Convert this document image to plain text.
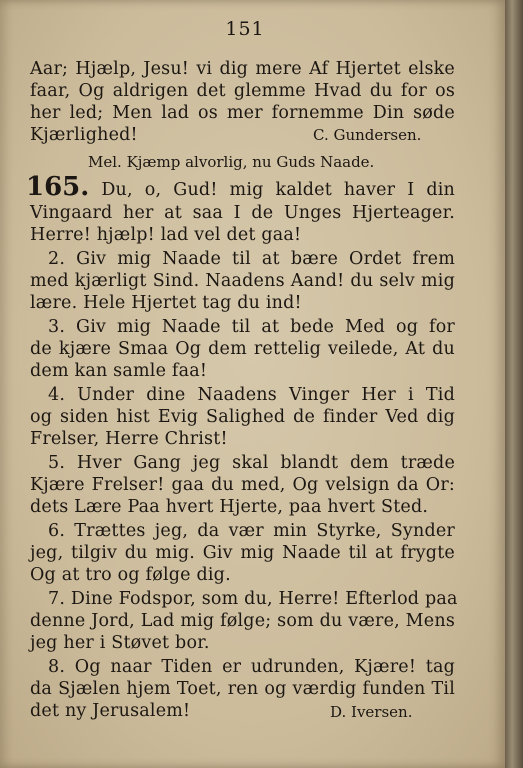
151
Aar; Hjælp, Jesu! vi dig mere Af Hjertet elske
faar, Og aldrigen det glemme Hvad du for os
her led; Men lad os mer fornemme Din søde
Kjærlighed!	C. Gundersen.
Mel. Kjæmp alvorlig, nu Guds Naade.
165. Du, o, Gud! mig kaldet haver I din
Vingaard her at saa I de Unges Hjerteager.
Herre! hjælp! lad vel det gaa!
2. Giv mig Naade til at bære Ordet frem
med kjærligt Sind. Naadens Aand! du selv mig
lære. Hele Hjertet tag du ind!
3. Giv mig Naade til at bede Med og for
de kjære Smaa Og dem rettelig veilede, At du
dem kan samle faa!
4. Under dine Naadens Vinger Her i Tid
og siden hist Evig Salighed de finder Ved dig
Frelser, Herre Christ!
5. Hver Gang jeg skal blandt dem træde
Kjære Frelser! gaa du med, Og velsign da Or:
dets Lære Paa hvert Hjerte, paa hvert Sted.
6. Trættes jeg, da vær min Styrke, Synder
jeg, tilgiv du mig. Giv mig Naade til at frygte
Og at tro og følge dig.
7. Dine Fodspor, som du, Herre! Efterlod paa
denne Jord, Lad mig følge; som du være, Mens
jeg her i Støvet bor.
8. Og naar Tiden er udrunden, Kjære! tag
da Sjælen hjem Toet, ren og værdig funden Til
det ny Jerusalem!	D. Iversen.
